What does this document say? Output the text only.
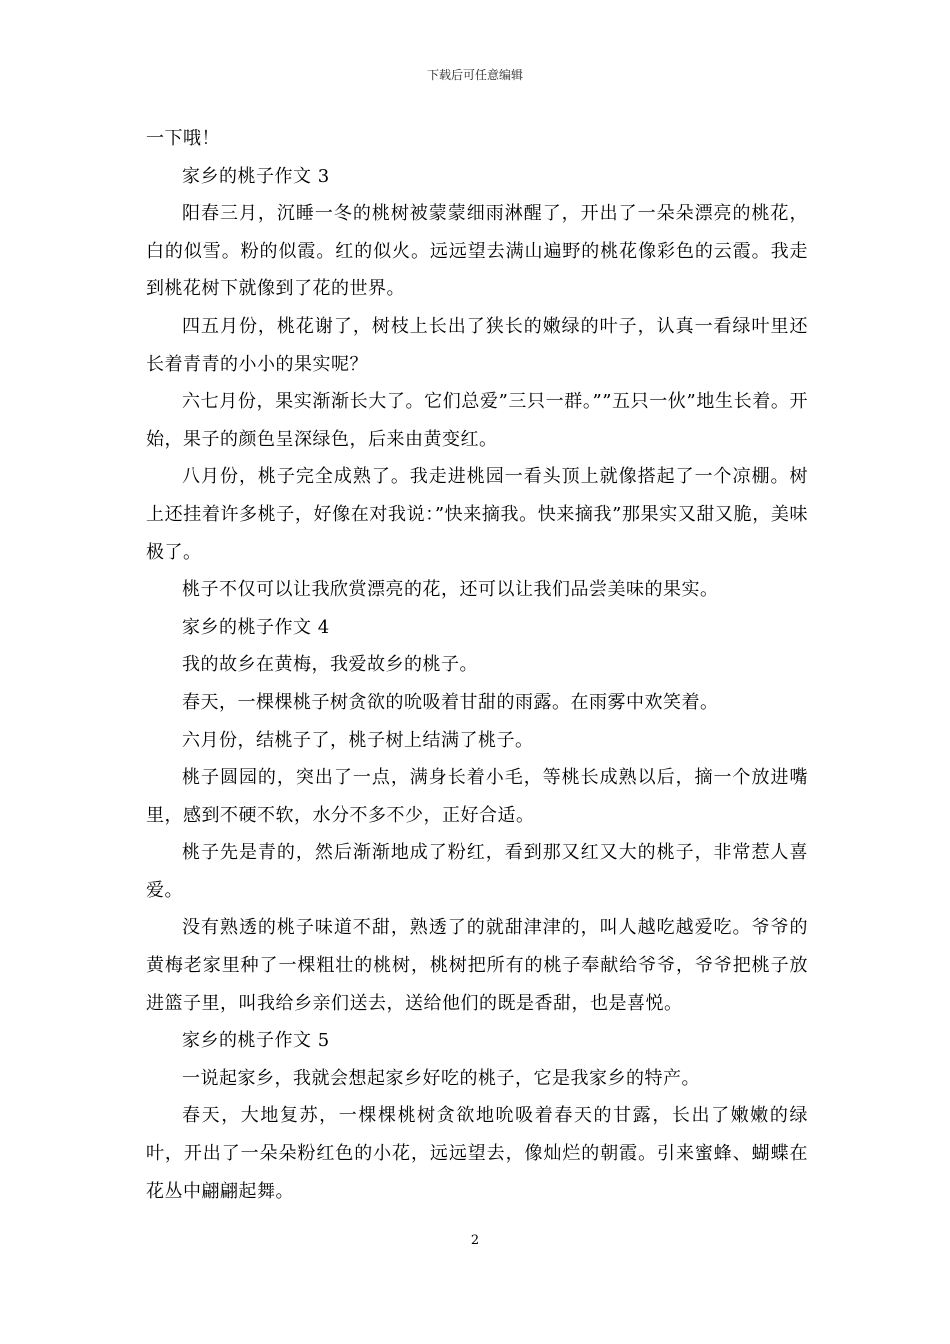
下载后可任意编辑

一下哦！

家乡的桃子作文 3

阳春三月，沉睡一冬的桃树被蒙蒙细雨淋醒了，开出了一朵朵漂亮的桃花，白的似雪。粉的似霞。红的似火。远远望去满山遍野的桃花像彩色的云霞。我走到桃花树下就像到了花的世界。

四五月份，桃花谢了，树枝上长出了狭长的嫩绿的叶子，认真一看绿叶里还长着青青的小小的果实呢？

六七月份，果实渐渐长大了。它们总爱”三只一群。””五只一伙”地生长着。开始，果子的颜色呈深绿色，后来由黄变红。

八月份，桃子完全成熟了。我走进桃园一看头顶上就像搭起了一个凉棚。树上还挂着许多桃子，好像在对我说：”快来摘我。快来摘我”那果实又甜又脆，美味极了。

桃子不仅可以让我欣赏漂亮的花，还可以让我们品尝美味的果实。

家乡的桃子作文 4

我的故乡在黄梅，我爱故乡的桃子。

春天，一棵棵桃子树贪欲的吮吸着甘甜的雨露。在雨雾中欢笑着。

六月份，结桃子了，桃子树上结满了桃子。

桃子圆园的，突出了一点，满身长着小毛，等桃长成熟以后，摘一个放进嘴里，感到不硬不软，水分不多不少，正好合适。

桃子先是青的，然后渐渐地成了粉红，看到那又红又大的桃子，非常惹人喜爱。

没有熟透的桃子味道不甜，熟透了的就甜津津的，叫人越吃越爱吃。爷爷的黄梅老家里种了一棵粗壮的桃树，桃树把所有的桃子奉献给爷爷，爷爷把桃子放进篮子里，叫我给乡亲们送去，送给他们的既是香甜，也是喜悦。

家乡的桃子作文 5

一说起家乡，我就会想起家乡好吃的桃子，它是我家乡的特产。

春天，大地复苏，一棵棵桃树贪欲地吮吸着春天的甘露，长出了嫩嫩的绿叶，开出了一朵朵粉红色的小花，远远望去，像灿烂的朝霞。引来蜜蜂、蝴蝶在花丛中翩翩起舞。

2
